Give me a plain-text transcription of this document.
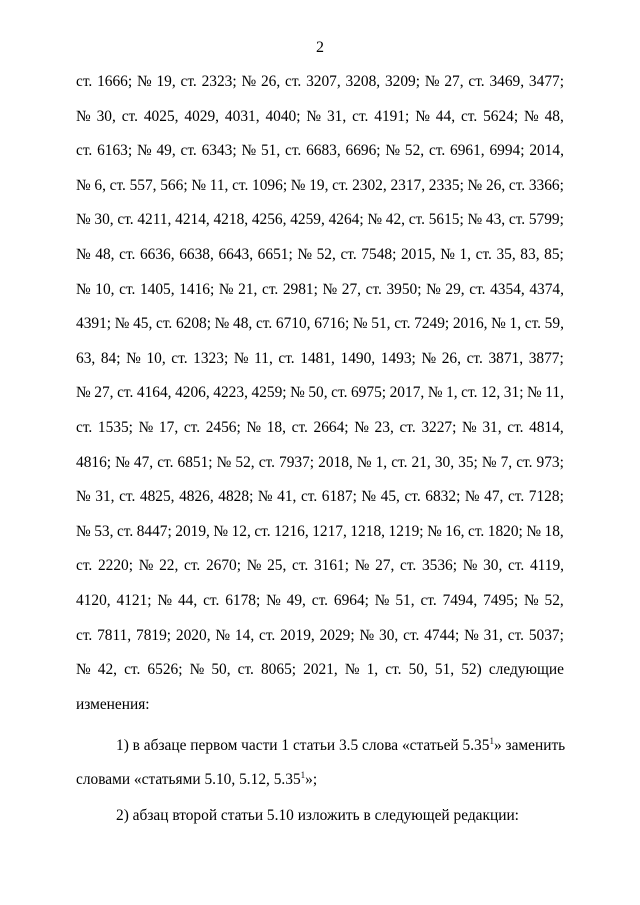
2
ст. 1666; № 19, ст. 2323; № 26, ст. 3207, 3208, 3209; № 27, ст. 3469, 3477;
№ 30, ст. 4025, 4029, 4031, 4040; № 31, ст. 4191; № 44, ст. 5624; № 48,
ст. 6163; № 49, ст. 6343; № 51, ст. 6683, 6696; № 52, ст. 6961, 6994; 2014,
№ 6, ст. 557, 566; № 11, ст. 1096; № 19, ст. 2302, 2317, 2335; № 26, ст. 3366;
№ 30, ст. 4211, 4214, 4218, 4256, 4259, 4264; № 42, ст. 5615; № 43, ст. 5799;
№ 48, ст. 6636, 6638, 6643, 6651; № 52, ст. 7548; 2015, № 1, ст. 35, 83, 85;
№ 10, ст. 1405, 1416; № 21, ст. 2981; № 27, ст. 3950; № 29, ст. 4354, 4374,
4391; № 45, ст. 6208; № 48, ст. 6710, 6716; № 51, ст. 7249; 2016, № 1, ст. 59,
63, 84; № 10, ст. 1323; № 11, ст. 1481, 1490, 1493; № 26, ст. 3871, 3877;
№ 27, ст. 4164, 4206, 4223, 4259; № 50, ст. 6975; 2017, № 1, ст. 12, 31; № 11,
ст. 1535; № 17, ст. 2456; № 18, ст. 2664; № 23, ст. 3227; № 31, ст. 4814,
4816; № 47, ст. 6851; № 52, ст. 7937; 2018, № 1, ст. 21, 30, 35; № 7, ст. 973;
№ 31, ст. 4825, 4826, 4828; № 41, ст. 6187; № 45, ст. 6832; № 47, ст. 7128;
№ 53, ст. 8447; 2019, № 12, ст. 1216, 1217, 1218, 1219; № 16, ст. 1820; № 18,
ст. 2220; № 22, ст. 2670; № 25, ст. 3161; № 27, ст. 3536; № 30, ст. 4119,
4120, 4121; № 44, ст. 6178; № 49, ст. 6964; № 51, ст. 7494, 7495; № 52,
ст. 7811, 7819; 2020, № 14, ст. 2019, 2029; № 30, ст. 4744; № 31, ст. 5037;
№ 42, ст. 6526; № 50, ст. 8065; 2021, № 1, ст. 50, 51, 52) следующие
изменения:
1) в абзаце первом части 1 статьи 3.5 слова «статьей 5.35$^1$» заменить
словами «статьями 5.10, 5.12, 5.35$^1$»;
2) абзац второй статьи 5.10 изложить в следующей редакции:
